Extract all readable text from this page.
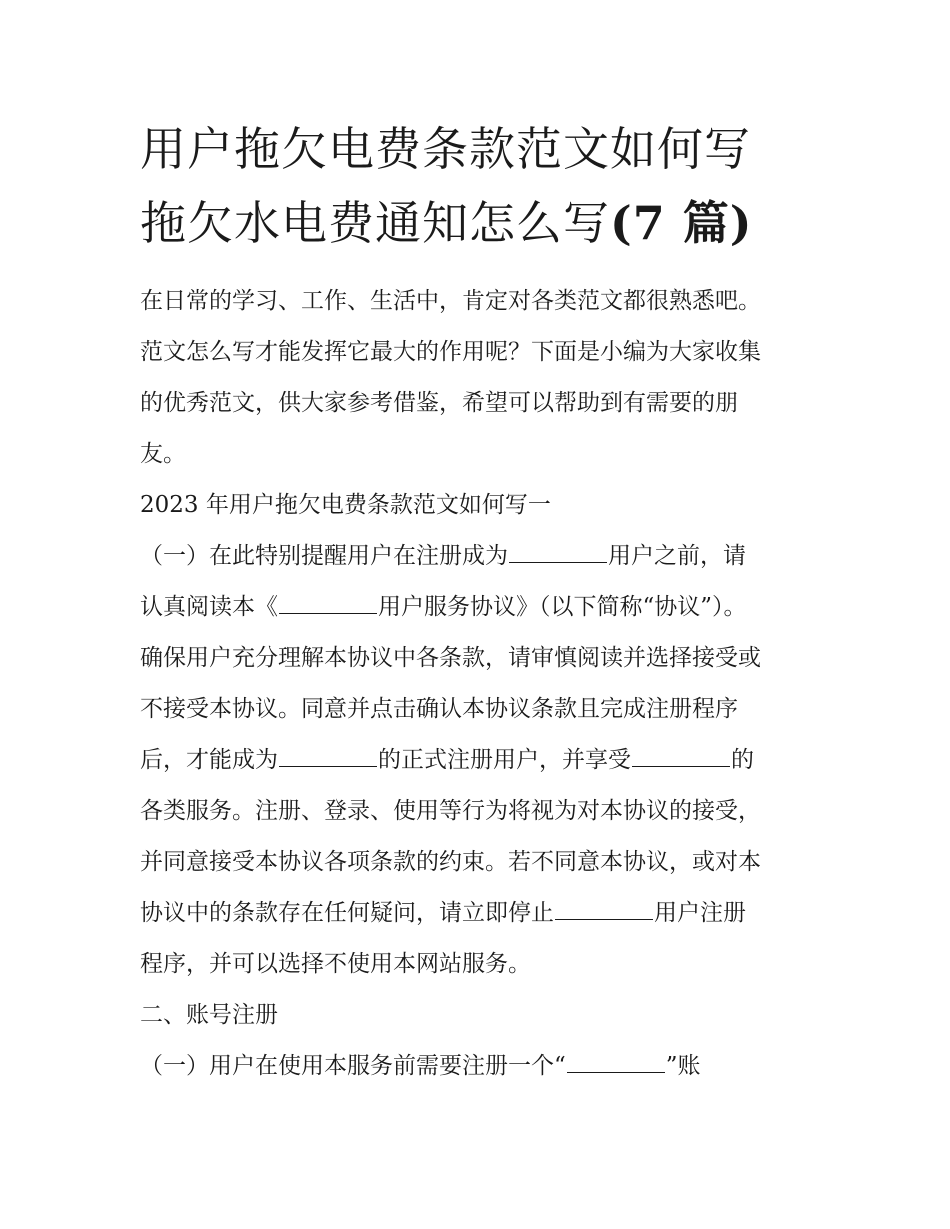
用户拖欠电费条款范文如何写
拖欠水电费通知怎么写(7 篇)
在日常的学习、工作、生活中，肯定对各类范文都很熟悉吧。
范文怎么写才能发挥它最大的作用呢？下面是小编为大家收集
的优秀范文，供大家参考借鉴，希望可以帮助到有需要的朋
友。
2023 年用户拖欠电费条款范文如何写一
（一）在此特别提醒用户在注册成为	用户之前，请
认真阅读本《	用户服务协议》（以下简称“协议”）。
确保用户充分理解本协议中各条款，请审慎阅读并选择接受或
不接受本协议。同意并点击确认本协议条款且完成注册程序
后，才能成为	的正式注册用户，并享受	的
各类服务。注册、登录、使用等行为将视为对本协议的接受，
并同意接受本协议各项条款的约束。若不同意本协议，或对本
协议中的条款存在任何疑问，请立即停止	用户注册
程序，并可以选择不使用本网站服务。
二、账号注册
（一）用户在使用本服务前需要注册一个“	”账
